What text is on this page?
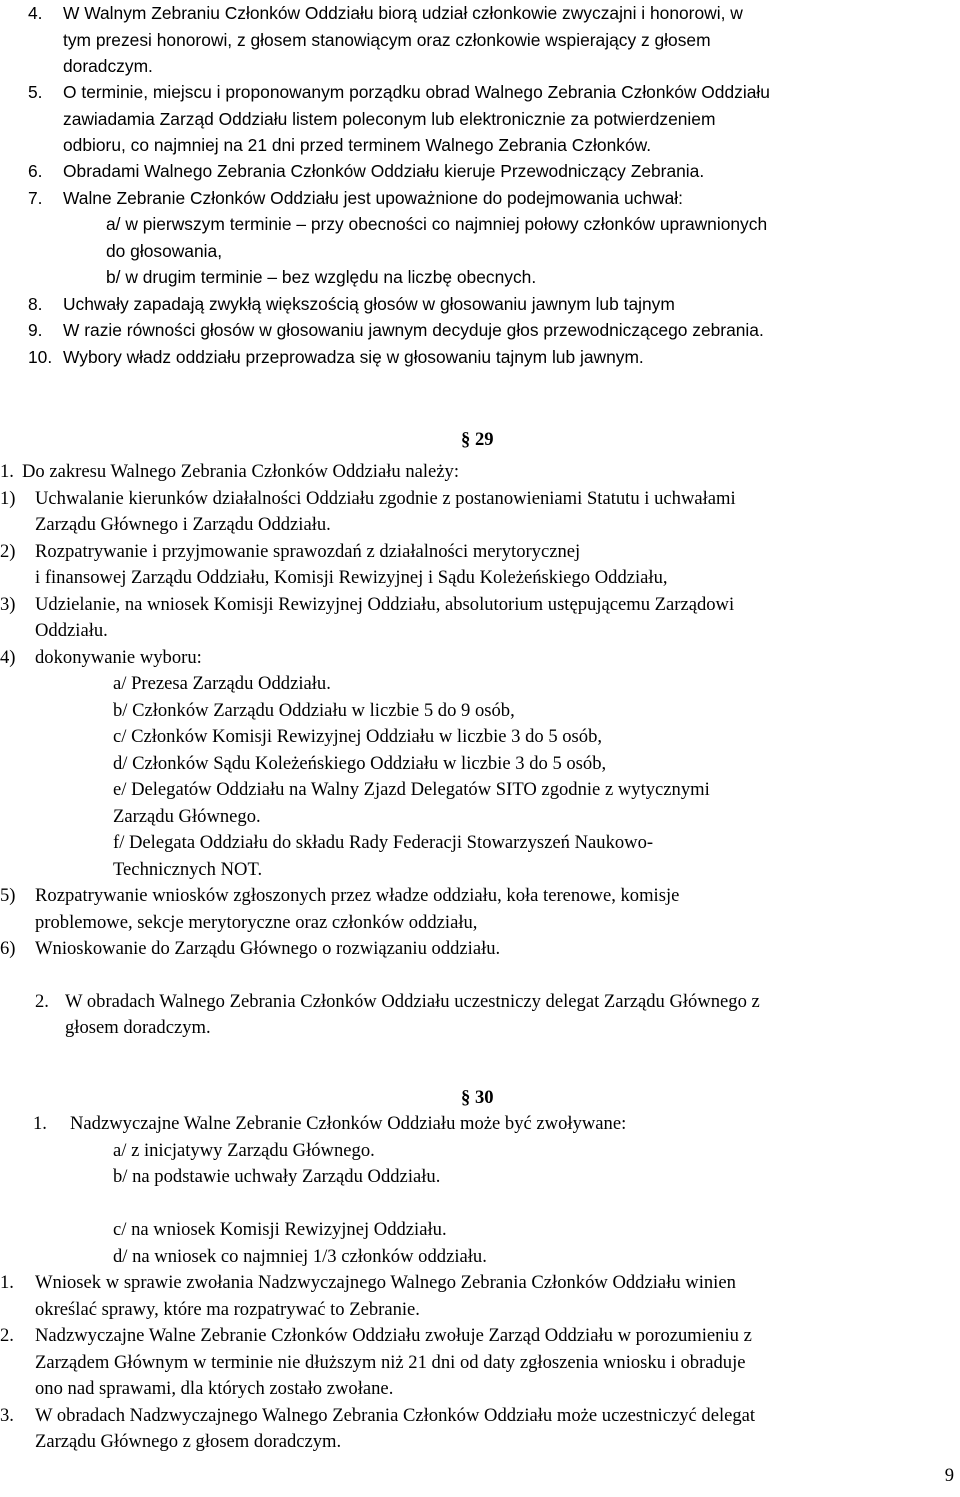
4. W Walnym Zebraniu Członków Oddziału biorą udział członkowie zwyczajni i honorowi, w
tym prezesi honorowi, z głosem stanowiącym oraz członkowie wspierający z głosem
doradczym.
5. O terminie, miejscu i proponowanym porządku obrad Walnego Zebrania Członków Oddziału
zawiadamia Zarząd Oddziału listem poleconym lub elektronicznie za potwierdzeniem
odbioru, co najmniej na 21 dni przed terminem Walnego Zebrania Członków.
6. Obradami Walnego Zebrania Członków Oddziału kieruje Przewodniczący Zebrania.
7. Walne Zebranie Członków Oddziału jest upoważnione do podejmowania uchwał:
a/ w pierwszym terminie – przy obecności co najmniej połowy członków uprawnionych
do głosowania,
b/ w drugim terminie – bez względu na liczbę obecnych.
8. Uchwały zapadają zwykłą większością głosów w głosowaniu jawnym lub tajnym
9. W razie równości głosów w głosowaniu jawnym decyduje głos przewodniczącego zebrania.
10. Wybory władz oddziału przeprowadza się w głosowaniu tajnym lub jawnym.
§ 29
1. Do zakresu Walnego Zebrania Członków Oddziału należy:
1) Uchwalanie kierunków działalności Oddziału zgodnie z postanowieniami Statutu i uchwałami
Zarządu Głównego i Zarządu Oddziału.
2) Rozpatrywanie i przyjmowanie sprawozdań z działalności merytorycznej
i finansowej Zarządu Oddziału, Komisji Rewizyjnej i Sądu Koleżeńskiego Oddziału,
3) Udzielanie, na wniosek Komisji Rewizyjnej Oddziału, absolutorium ustępującemu Zarządowi
Oddziału.
4) dokonywanie wyboru:
a/ Prezesa Zarządu Oddziału.
b/ Członków Zarządu Oddziału w liczbie 5 do 9 osób,
c/ Członków Komisji Rewizyjnej Oddziału w liczbie 3 do 5 osób,
d/ Członków Sądu Koleżeńskiego Oddziału w liczbie 3 do 5 osób,
e/ Delegatów Oddziału na Walny Zjazd Delegatów SITO zgodnie z wytycznymi
Zarządu Głównego.
f/ Delegata Oddziału do składu Rady Federacji Stowarzyszeń Naukowo-
Technicznych NOT.
5) Rozpatrywanie wniosków zgłoszonych przez władze oddziału, koła terenowe, komisje
problemowe, sekcje merytoryczne oraz członków oddziału,
6) Wnioskowanie do Zarządu Głównego o rozwiązaniu oddziału.
2. W obradach Walnego Zebrania Członków Oddziału uczestniczy delegat Zarządu Głównego z
głosem doradczym.
§ 30
1. Nadzwyczajne Walne Zebranie Członków Oddziału może być zwoływane:
a/ z inicjatywy Zarządu Głównego.
b/ na podstawie uchwały Zarządu Oddziału.
c/ na wniosek Komisji Rewizyjnej Oddziału.
d/ na wniosek co najmniej 1/3 członków oddziału.
1. Wniosek w sprawie zwołania Nadzwyczajnego Walnego Zebrania Członków Oddziału winien
określać sprawy, które ma rozpatrywać to Zebranie.
2. Nadzwyczajne Walne Zebranie Członków Oddziału zwołuje Zarząd Oddziału w porozumieniu z
Zarządem Głównym w terminie nie dłuższym niż 21 dni od daty zgłoszenia wniosku i obraduje
ono nad sprawami, dla których zostało zwołane.
3. W obradach Nadzwyczajnego Walnego Zebrania Członków Oddziału może uczestniczyć delegat
Zarządu Głównego z głosem doradczym.
9
